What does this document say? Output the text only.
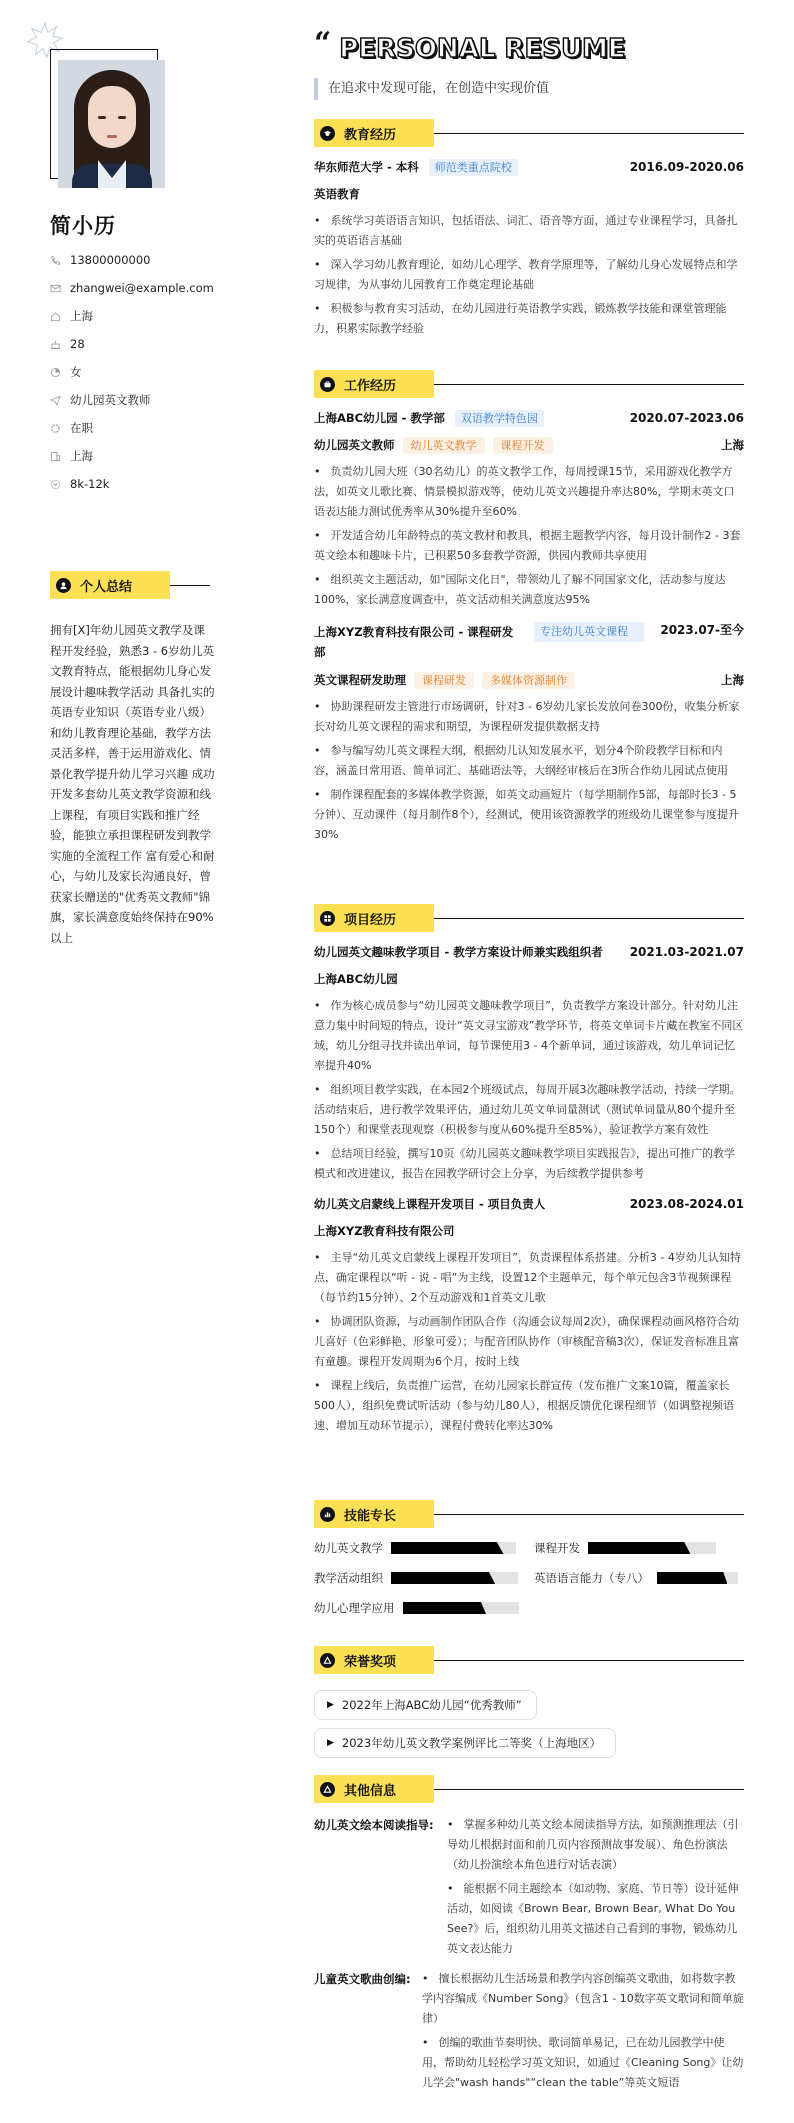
简小历
13800000000
zhangwei@example.com
上海
28
女
幼儿园英文教师
在职
上海
8k-12k
个人总结

拥有[X]年幼儿园英文教学及课程开发经验，熟悉3 - 6岁幼儿英文教育特点，能根据幼儿身心发展设计趣味教学活动 具备扎实的英语专业知识（英语专业八级）和幼儿教育理论基础，教学方法灵活多样，善于运用游戏化、情景化教学提升幼儿学习兴趣 成功开发多套幼儿英文教学资源和线上课程，有项目实践和推广经验，能独立承担课程研发到教学实施的全流程工作 富有爱心和耐心，与幼儿及家长沟通良好，曾获家长赠送的"优秀英文教师"锦旗，家长满意度始终保持在90%以上

“ PERSONAL RESUME
在追求中发现可能，在创造中实现价值
教育经历
华东师范大学 - 本科	师范类重点院校	2016.09-2020.06
英语教育
• 系统学习英语语言知识，包括语法、词汇、语音等方面，通过专业课程学习，具备扎实的英语语言基础
• 深入学习幼儿教育理论，如幼儿心理学、教育学原理等，了解幼儿身心发展特点和学习规律，为从事幼儿园教育工作奠定理论基础
• 积极参与教育实习活动，在幼儿园进行英语教学实践，锻炼教学技能和课堂管理能力，积累实际教学经验
工作经历
上海ABC幼儿园 - 教学部	双语教学特色园	2020.07-2023.06
幼儿园英文教师	幼儿英文教学	课程开发	上海
• 负责幼儿园大班（30名幼儿）的英文教学工作，每周授课15节，采用游戏化教学方法，如英文儿歌比赛、情景模拟游戏等，使幼儿英文兴趣提升率达80%，学期末英文口语表达能力测试优秀率从30%提升至60%
• 开发适合幼儿年龄特点的英文教材和教具，根据主题教学内容，每月设计制作2 - 3套英文绘本和趣味卡片，已积累50多套教学资源，供园内教师共享使用
• 组织英文主题活动，如"国际文化日"，带领幼儿了解不同国家文化，活动参与度达100%，家长满意度调查中，英文活动相关满意度达95%
上海XYZ教育科技有限公司 - 课程研发部
专注幼儿英文课程	2023.07-至今
英文课程研发助理	课程研发	多媒体资源制作	上海
• 协助课程研发主管进行市场调研，针对3 - 6岁幼儿家长发放问卷300份，收集分析家长对幼儿英文课程的需求和期望，为课程研发提供数据支持
• 参与编写幼儿英文课程大纲，根据幼儿认知发展水平，划分4个阶段教学目标和内容，涵盖日常用语、简单词汇、基础语法等，大纲经审核后在3所合作幼儿园试点使用
• 制作课程配套的多媒体教学资源，如英文动画短片（每学期制作5部，每部时长3 - 5分钟）、互动课件（每月制作8个），经测试，使用该资源教学的班级幼儿课堂参与度提升30%
项目经历
幼儿园英文趣味教学项目 - 教学方案设计师兼实践组织者 2021.03-2021.07
上海ABC幼儿园
• 作为核心成员参与“幼儿园英文趣味教学项目”，负责教学方案设计部分。针对幼儿注意力集中时间短的特点，设计“英文寻宝游戏”教学环节，将英文单词卡片藏在教室不同区域，幼儿分组寻找并读出单词，每节课使用3 - 4个新单词，通过该游戏，幼儿单词记忆率提升40%
• 组织项目教学实践，在本园2个班级试点，每周开展3次趣味教学活动，持续一学期。活动结束后，进行教学效果评估，通过幼儿英文单词量测试（测试单词量从80个提升至150个）和课堂表现观察（积极参与度从60%提升至85%），验证教学方案有效性
• 总结项目经验，撰写10页《幼儿园英文趣味教学项目实践报告》，提出可推广的教学模式和改进建议，报告在园教学研讨会上分享，为后续教学提供参考
幼儿英文启蒙线上课程开发项目 - 项目负责人	2023.08-2024.01
上海XYZ教育科技有限公司
• 主导“幼儿英文启蒙线上课程开发项目”，负责课程体系搭建。分析3 - 4岁幼儿认知特点，确定课程以“听 - 说 - 唱”为主线，设置12个主题单元，每个单元包含3节视频课程（每节约15分钟）、2个互动游戏和1首英文儿歌
• 协调团队资源，与动画制作团队合作（沟通会议每周2次），确保课程动画风格符合幼儿喜好（色彩鲜艳、形象可爱）；与配音团队协作（审核配音稿3次），保证发音标准且富有童趣。课程开发周期为6个月，按时上线
• 课程上线后，负责推广运营，在幼儿园家长群宣传（发布推广文案10篇，覆盖家长500人），组织免费试听活动（参与幼儿80人），根据反馈优化课程细节（如调整视频语速、增加互动环节提示），课程付费转化率达30%
技能专长
幼儿英文教学	课程开发
教学活动组织	英语语言能力（专八）
幼儿心理学应用
荣誉奖项
▶ 2022年上海ABC幼儿园“优秀教师”
▶ 2023年幼儿英文教学案例评比二等奖（上海地区）
其他信息
幼儿英文绘本阅读指导:	• 掌握多种幼儿英文绘本阅读指导方法，如预测推理法（引导幼儿根据封面和前几页内容预测故事发展）、角色扮演法（幼儿扮演绘本角色进行对话表演）
• 能根据不同主题绘本（如动物、家庭、节日等）设计延伸活动，如阅读《Brown Bear, Brown Bear, What Do You See?》后，组织幼儿用英文描述自己看到的事物，锻炼幼儿英文表达能力
儿童英文歌曲创编:	• 擅长根据幼儿生活场景和教学内容创编英文歌曲，如将数字教学内容编成《Number Song》（包含1 - 10数字英文歌词和简单旋律）
• 创编的歌曲节奏明快、歌词简单易记，已在幼儿园教学中使用，帮助幼儿轻松学习英文知识，如通过《Cleaning Song》让幼儿学会"wash hands"“clean the table”等英文短语
